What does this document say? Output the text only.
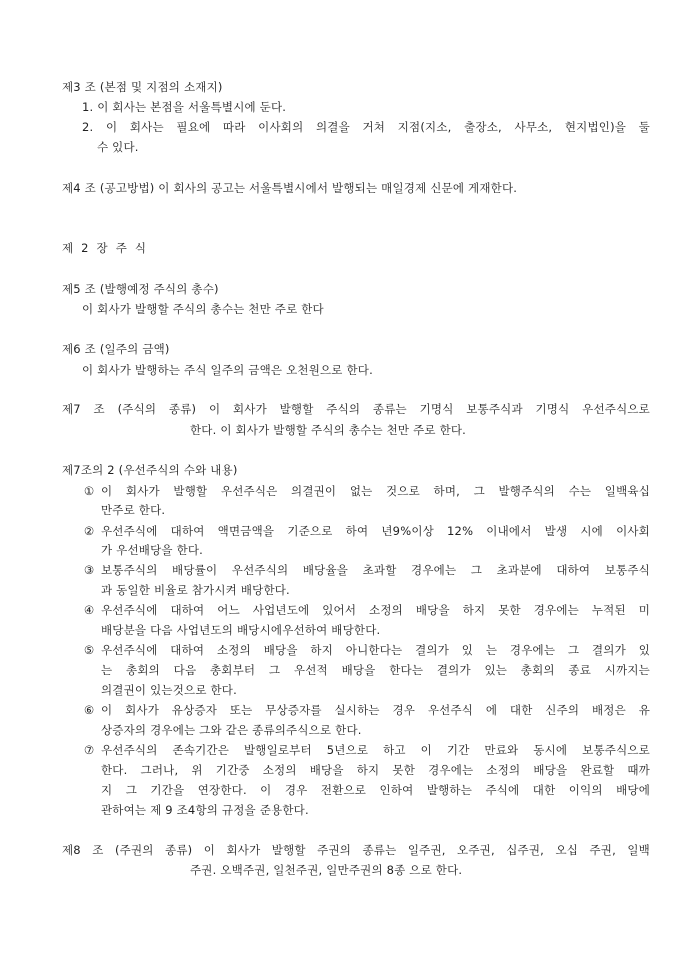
제3 조 (본점 및 지점의 소재지)
1. 이 회사는 본점을 서울특별시에 둔다.
2. 이 회사는 필요에 따라 이사회의 의결을 거쳐 지점(지소, 출장소, 사무소, 현지법인)을 둘
수 있다.
제4 조 (공고방법) 이 회사의 공고는 서울특별시에서 발행되는 매일경제 신문에 게재한다.
제 2 장 주 식
제5 조 (발행예정 주식의 총수)
이 회사가 발행할 주식의 총수는 천만 주로 한다
제6 조 (일주의 금액)
이 회사가 발행하는 주식 일주의 금액은 오천원으로 한다.
제7 조 (주식의 종류) 이 회사가 발행할 주식의 종류는 기명식 보통주식과 기명식 우선주식으로
한다. 이 회사가 발행할 주식의 총수는 천만 주로 한다.
제7조의 2 (우선주식의 수와 내용)
① 이 회사가 발행할 우선주식은 의결권이 없는 것으로 하며, 그 발행주식의 수는 일백육십
만주로 한다.
② 우선주식에 대하여 액면금액을 기준으로 하여 년9%이상 12% 이내에서 발생 시에 이사회
가 우선배당을 한다.
③ 보통주식의 배당률이 우선주식의 배당율을 초과할 경우에는 그 초과분에 대하여 보통주식
과 동일한 비율로 참가시켜 배당한다.
④ 우선주식에 대하여 어느 사업년도에 있어서 소정의 배당을 하지 못한 경우에는 누적된 미
배당분을 다음 사업년도의 배당시에우선하여 배당한다.
⑤ 우선주식에 대하여 소정의 배당을 하지 아니한다는 결의가 있 는 경우에는 그 결의가 있
는 총회의 다음 총회부터 그 우선적 배당을 한다는 결의가 있는 총회의 종료 시까지는
의결권이 있는것으로 한다.
⑥ 이 회사가 유상증자 또는 무상증자를 실시하는 경우 우선주식 에 대한 신주의 배정은 유
상증자의 경우에는 그와 같은 종류의주식으로 한다.
⑦ 우선주식의 존속기간은 발행일로부터 5년으로 하고 이 기간 만료와 동시에 보통주식으로
한다. 그러나, 위 기간중 소정의 배당을 하지 못한 경우에는 소정의 배당을 완료할 때까
지 그 기간을 연장한다. 이 경우 전환으로 인하여 발행하는 주식에 대한 이익의 배당에
관하여는 제 9 조4항의 규정을 준용한다.
제8 조 (주권의 종류) 이 회사가 발행할 주권의 종류는 일주권, 오주권, 십주권, 오십 주권, 일백
주권. 오백주권, 일천주권, 일만주권의 8종 으로 한다.
